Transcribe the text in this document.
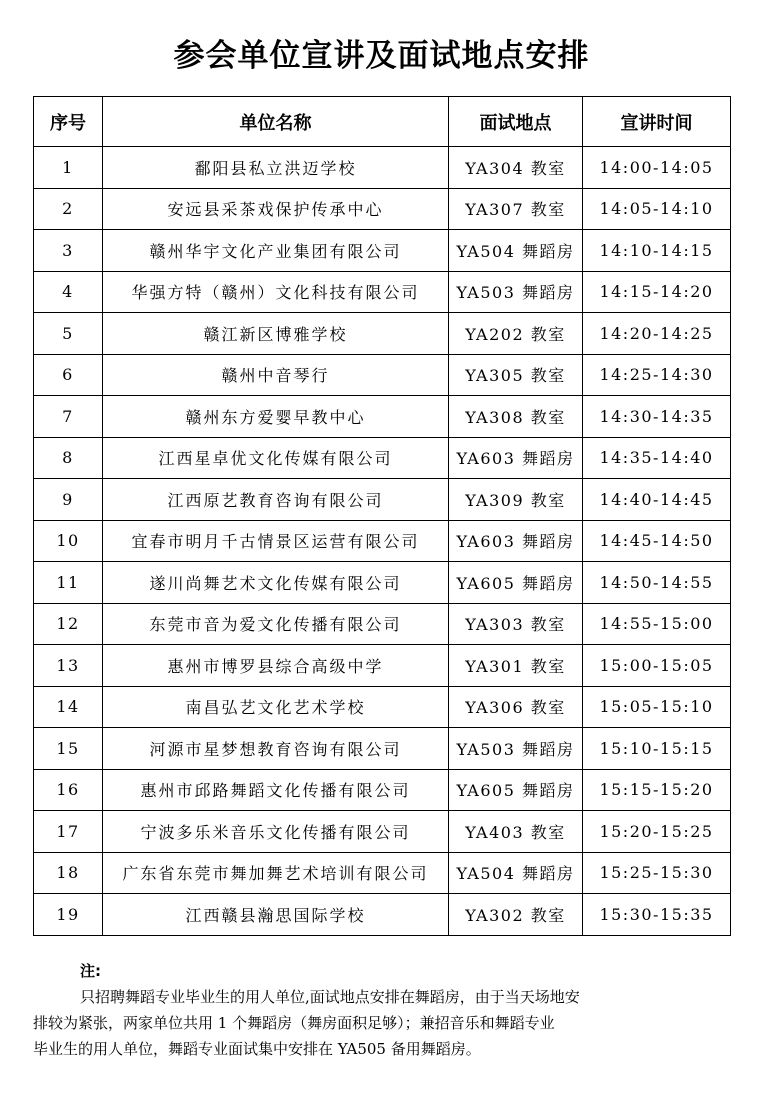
参会单位宣讲及面试地点安排
序号	单位名称	面试地点	宣讲时间
1	鄱阳县私立洪迈学校	YA304 教室	14:00-14:05
2	安远县采茶戏保护传承中心	YA307 教室	14:05-14:10
3	赣州华宇文化产业集团有限公司	YA504 舞蹈房	14:10-14:15
4	华强方特（赣州）文化科技有限公司	YA503 舞蹈房	14:15-14:20
5	赣江新区博雅学校	YA202 教室	14:20-14:25
6	赣州中音琴行	YA305 教室	14:25-14:30
7	赣州东方爱婴早教中心	YA308 教室	14:30-14:35
8	江西星卓优文化传媒有限公司	YA603 舞蹈房	14:35-14:40
9	江西原艺教育咨询有限公司	YA309 教室	14:40-14:45
10	宜春市明月千古情景区运营有限公司	YA603 舞蹈房	14:45-14:50
11	遂川尚舞艺术文化传媒有限公司	YA605 舞蹈房	14:50-14:55
12	东莞市音为爱文化传播有限公司	YA303 教室	14:55-15:00
13	惠州市博罗县综合高级中学	YA301 教室	15:00-15:05
14	南昌弘艺文化艺术学校	YA306 教室	15:05-15:10
15	河源市星梦想教育咨询有限公司	YA503 舞蹈房	15:10-15:15
16	惠州市邱路舞蹈文化传播有限公司	YA605 舞蹈房	15:15-15:20
17	宁波多乐米音乐文化传播有限公司	YA403 教室	15:20-15:25
18	广东省东莞市舞加舞艺术培训有限公司	YA504 舞蹈房	15:25-15:30
19	江西赣县瀚思国际学校	YA302 教室	15:30-15:35
注:
只招聘舞蹈专业毕业生的用人单位,面试地点安排在舞蹈房，由于当天场地安
排较为紧张，两家单位共用 1 个舞蹈房（舞房面积足够）；兼招音乐和舞蹈专业
毕业生的用人单位，舞蹈专业面试集中安排在 YA505 备用舞蹈房。
